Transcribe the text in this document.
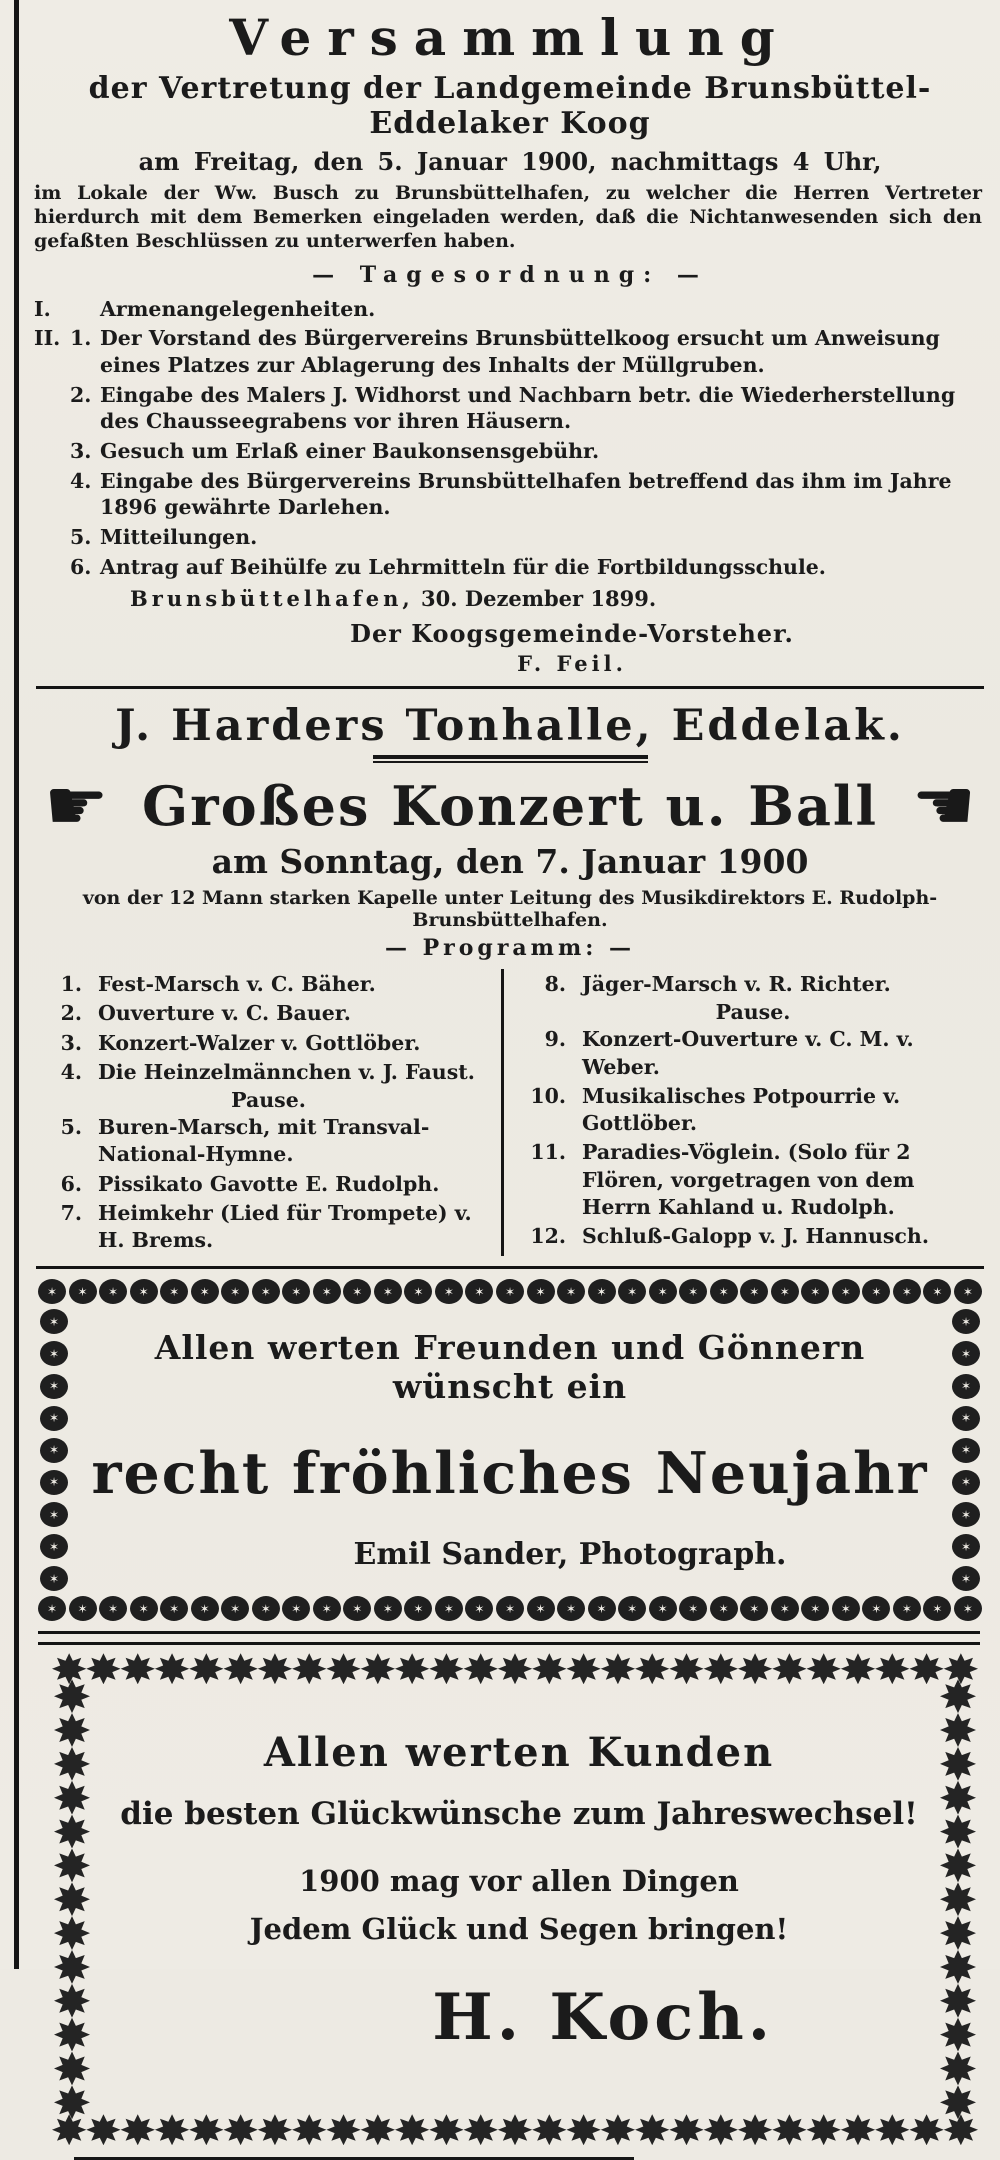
Versammlung
der Vertretung der Landgemeinde Brunsbüttel-Eddelaker Koog
am Freitag, den 5. Januar 1900, nachmittags 4 Uhr,

im Lokale der Ww. Busch zu Brunsbüttelhafen, zu welcher die Herren Vertreter hierdurch mit dem Bemerken eingeladen werden, daß die Nichtanwesenden sich den gefaßten Beschlüssen zu unterwerfen haben.

— Tagesordnung: —
I.	Armenangelegenheiten.
II. 1. Der Vorstand des Bürgervereins Brunsbüttelkoog ersucht um Anweisung eines Platzes zur Ablagerung des Inhalts der Müllgruben.
2. Eingabe des Malers J. Widhorst und Nachbarn betr. die Wiederherstellung des Chausseegrabens vor ihren Häusern.
3. Gesuch um Erlaß einer Baukonsensgebühr.
4. Eingabe des Bürgervereins Brunsbüttelhafen betreffend das ihm im Jahre 1896 gewährte Darlehen.
5. Mitteilungen.
6. Antrag auf Beihülfe zu Lehrmitteln für die Fortbildungsschule.
Brunsbüttelhafen, 30. Dezember 1899.
Der Koogsgemeinde-Vorsteher.
F. Feil.
J. Harders Tonhalle, Eddelak.
☛ Großes Konzert u. Ball ☚
am Sonntag, den 7. Januar 1900
von der 12 Mann starken Kapelle unter Leitung des Musikdirektors E. Rudolph-Brunsbüttelhafen.
— Programm: —
1. Fest-Marsch v. C. Bäher.
2. Ouverture v. C. Bauer.
3. Konzert-Walzer v. Gottlöber.
4. Die Heinzelmännchen v. J. Faust.
Pause.
5. Buren-Marsch, mit Transval-National-Hymne.
6. Pissikato Gavotte E. Rudolph.
7. Heimkehr (Lied für Trompete) v. H. Brems.
8. Jäger-Marsch v. R. Richter.
Pause.
9. Konzert-Ouverture v. C. M. v. Weber.
10. Musikalisches Potpourrie v. Gottlöber.
11. Paradies-Vöglein. (Solo für 2 Flören, vorgetragen von dem Herrn Kahland u. Rudolph.
12. Schluß-Galopp v. J. Hannusch.
✶	✶	✶	✶	✶	✶	✶	✶	✶	✶	✶	✶	✶	✶	✶	✶	✶	✶	✶	✶	✶	✶	✶	✶	✶	✶	✶	✶	✶	✶	✶
✶
✶
✶
✶
✶
✶
✶
✶
✶
✶
✶
✶
✶
✶
✶
✶
✶
✶
✶	✶	✶	✶	✶	✶	✶	✶	✶	✶	✶	✶	✶	✶	✶	✶	✶	✶	✶	✶	✶	✶	✶	✶	✶	✶	✶	✶	✶	✶	✶
Allen werten Freunden und Gönnern wünscht ein
recht fröhliches Neujahr
Emil Sander, Photograph.
Allen werten Kunden
die besten Glückwünsche zum Jahreswechsel!
1900 mag vor allen Dingen
Jedem Glück und Segen bringen!
H. Koch.
